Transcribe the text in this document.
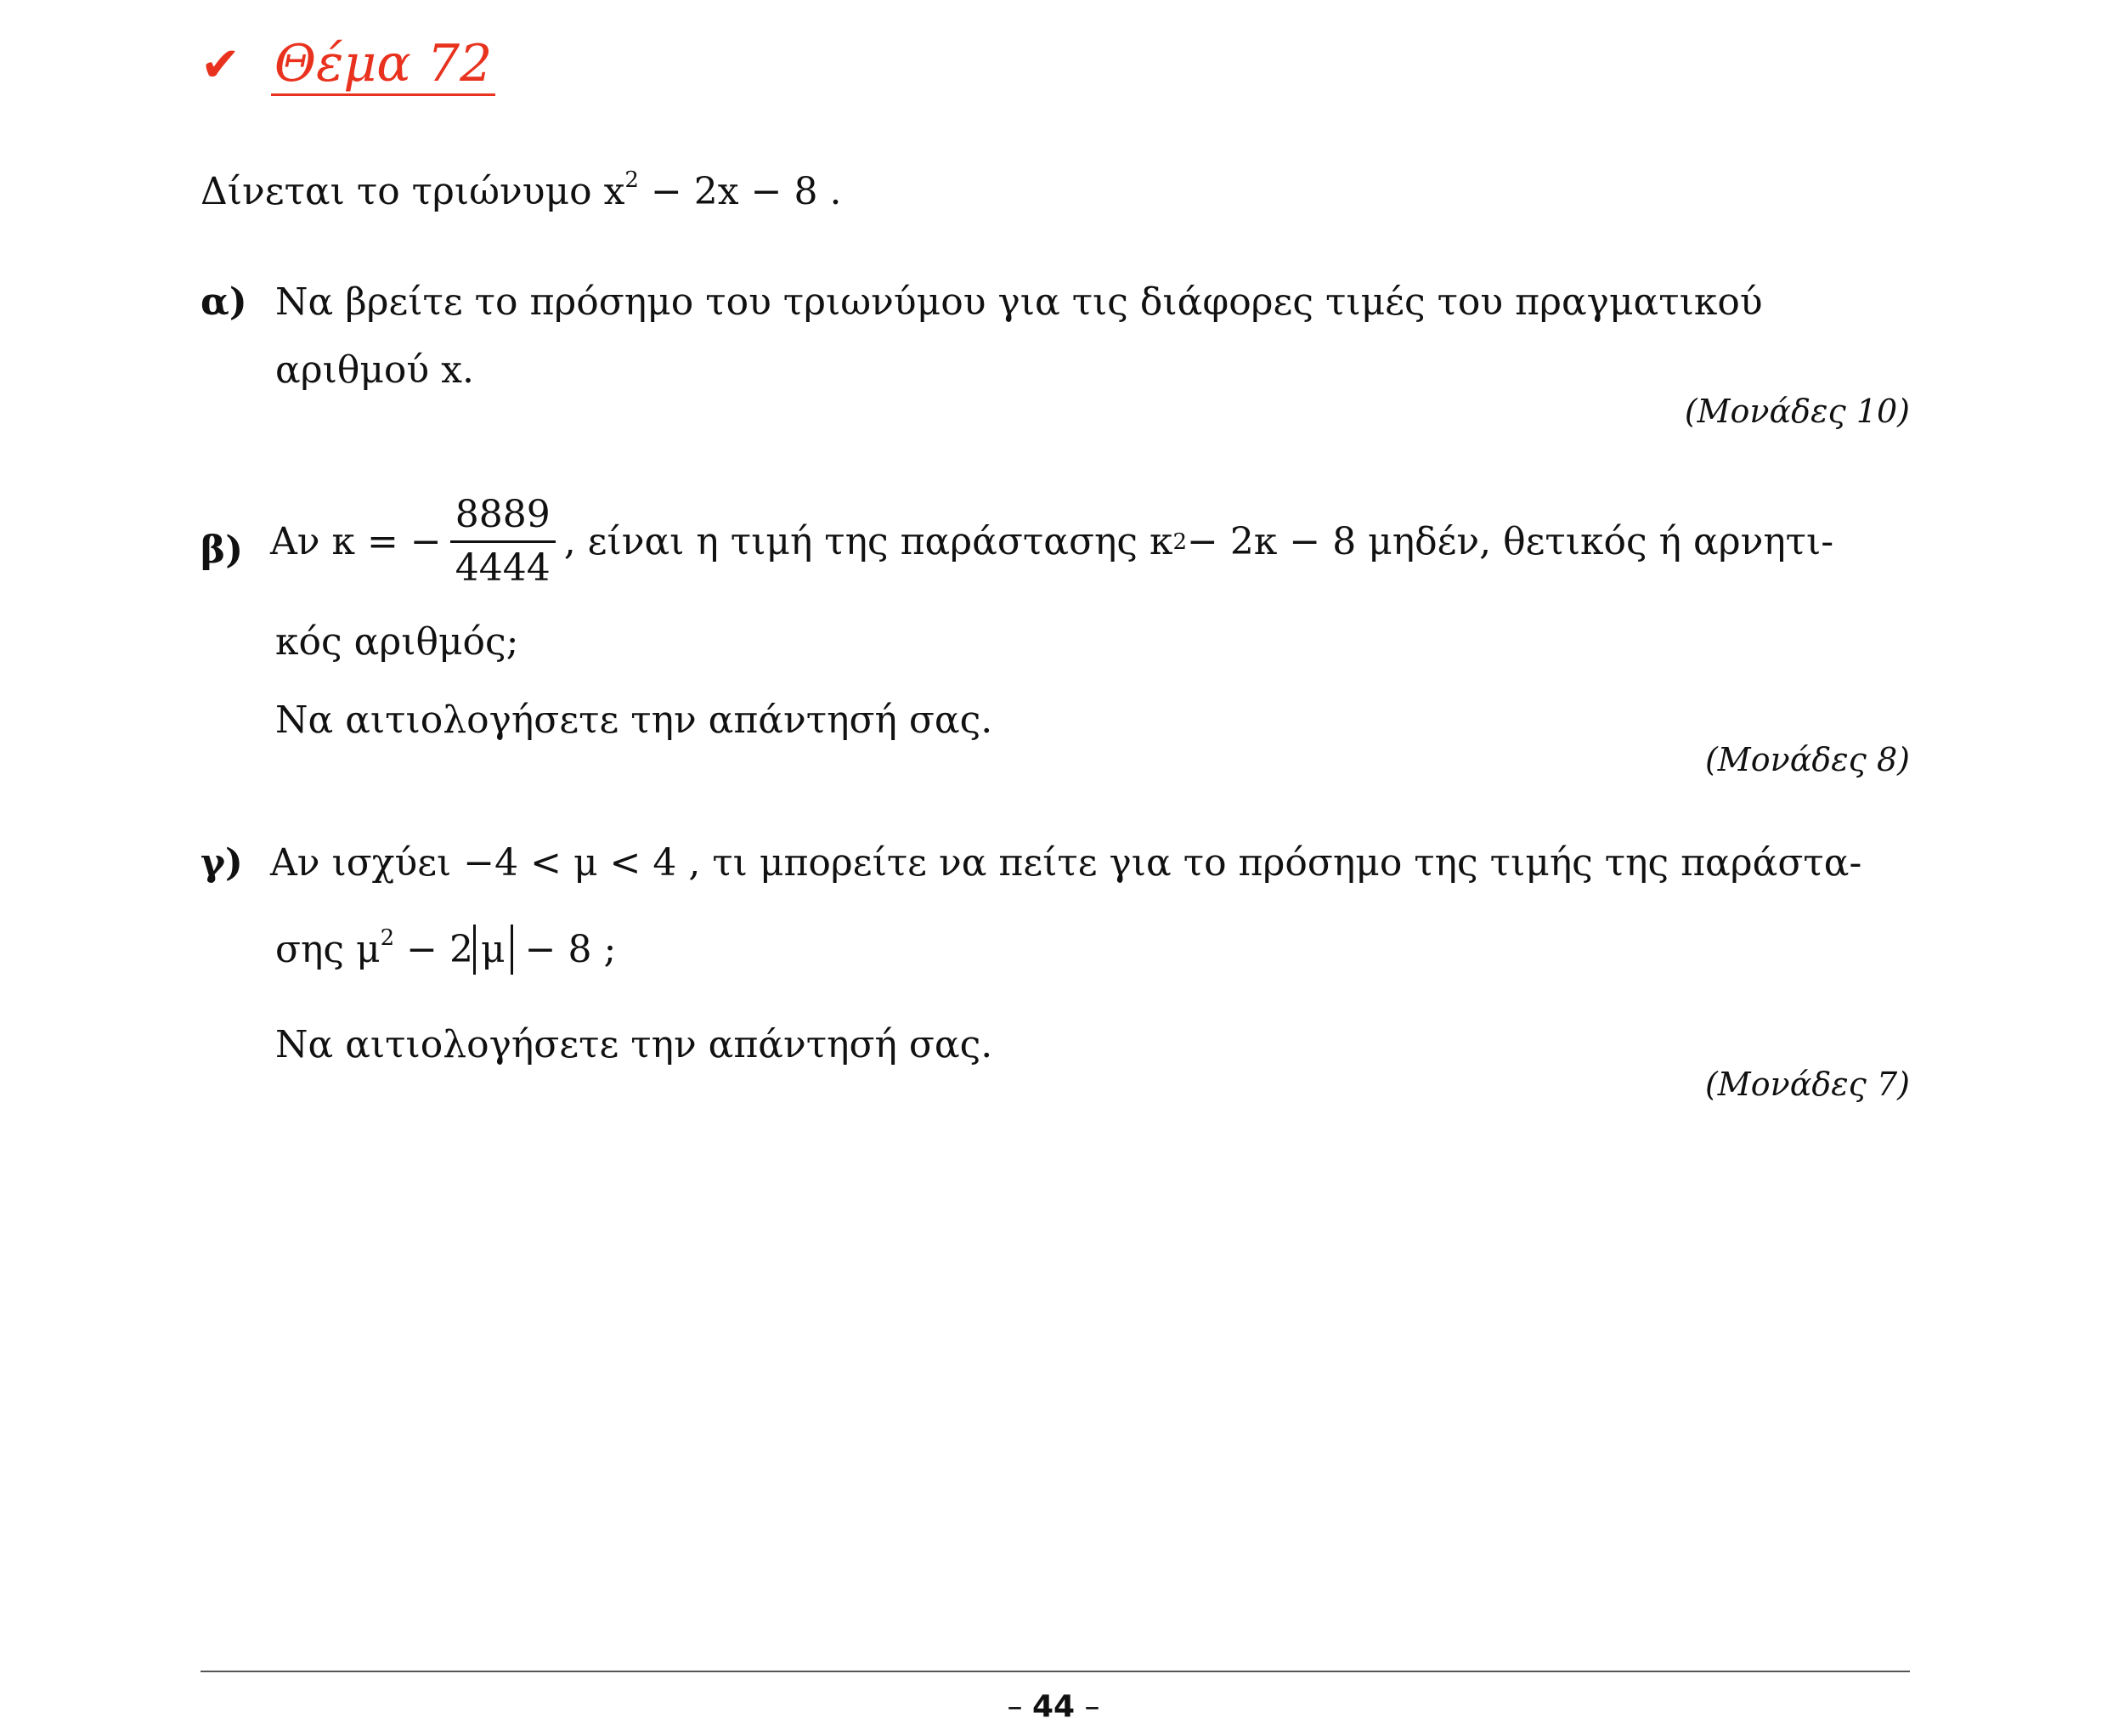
✔ Θέμα 72
Δίνεται το τριώνυμο $x^2 - 2x - 8$ .
α) Να βρείτε το πρόσημο του τριωνύμου για τις διάφορες τιμές του πραγματικού
αριθμού x.
(Μονάδες 10)
β) Αν κ = − $\frac{8889}{4444}$ , είναι η τιμή της παράστασης κ 2 − 2κ − 8 μηδέν, θετικός ή αρνητι-
κός αριθμός;
Να αιτιολογήσετε την απάντησή σας.
(Μονάδες 8)
γ) Αν ισχύει −4 < μ < 4 , τι μπορείτε να πείτε για το πρόσημο της τιμής της παράστα-
σης $\mu^2 - 2$ μ − 8 ;
Να αιτιολογήσετε την απάντησή σας.
(Μονάδες 7)
– 44 –
